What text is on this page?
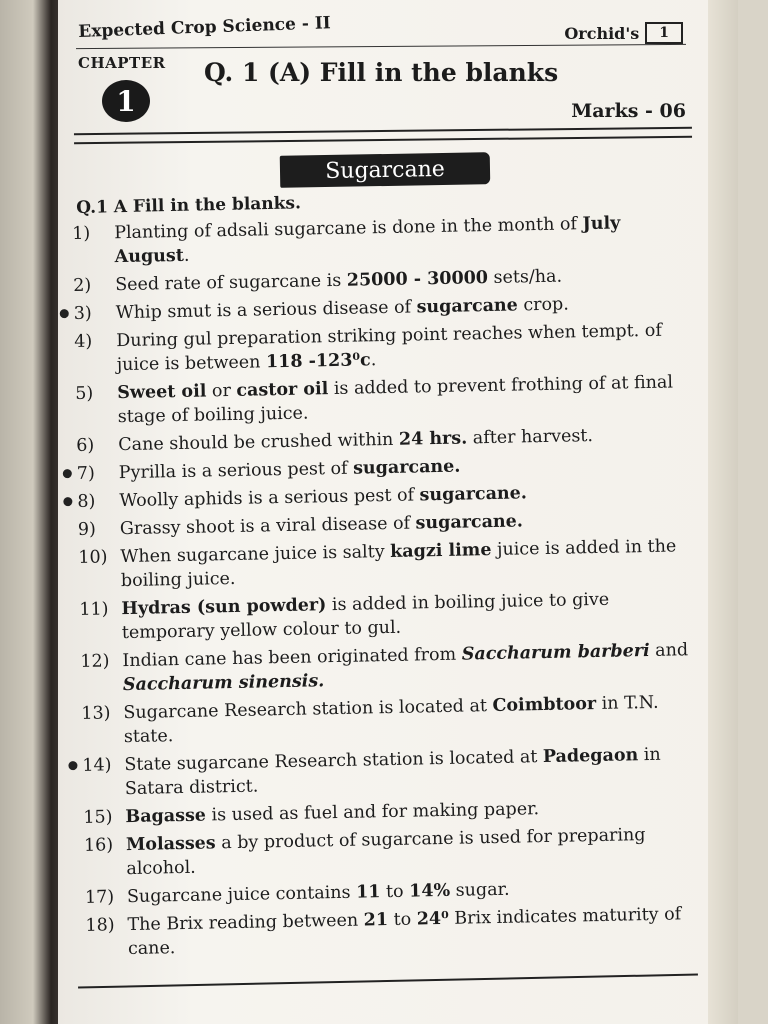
Expected Crop Science - II	Orchid's	1
CHAPTER
1
Q. 1 (A) Fill in the blanks
Marks - 06
Sugarcane
Q.1 A Fill in the blanks.
1)	Planting of adsali sugarcane is done in the month of July August.
2)	Seed rate of sugarcane is 25000 - 30000 sets/ha.
3)	Whip smut is a serious disease of sugarcane crop.
4)	During gul preparation striking point reaches when tempt. of juice is between 118 -123⁰c.
5)	Sweet oil or castor oil is added to prevent frothing of at final stage of boiling juice.
6)	Cane should be crushed within 24 hrs. after harvest.
7)	Pyrilla is a serious pest of sugarcane.
8)	Woolly aphids is a serious pest of sugarcane.
9)	Grassy shoot is a viral disease of sugarcane.
10) When sugarcane juice is salty kagzi lime juice is added in the boiling juice.
11) Hydras (sun powder) is added in boiling juice to give temporary yellow colour to gul.
12) Indian cane has been originated from Saccharum barberi and Saccharum sinensis.
13) Sugarcane Research station is located at Coimbtoor in T.N. state.
14) State sugarcane Research station is located at Padegaon in Satara district.
15) Bagasse is used as fuel and for making paper.
16) Molasses a by product of sugarcane is used for preparing alcohol.
17) Sugarcane juice contains 11 to 14% sugar.
18) The Brix reading between 21 to 24⁰ Brix indicates maturity of cane.
